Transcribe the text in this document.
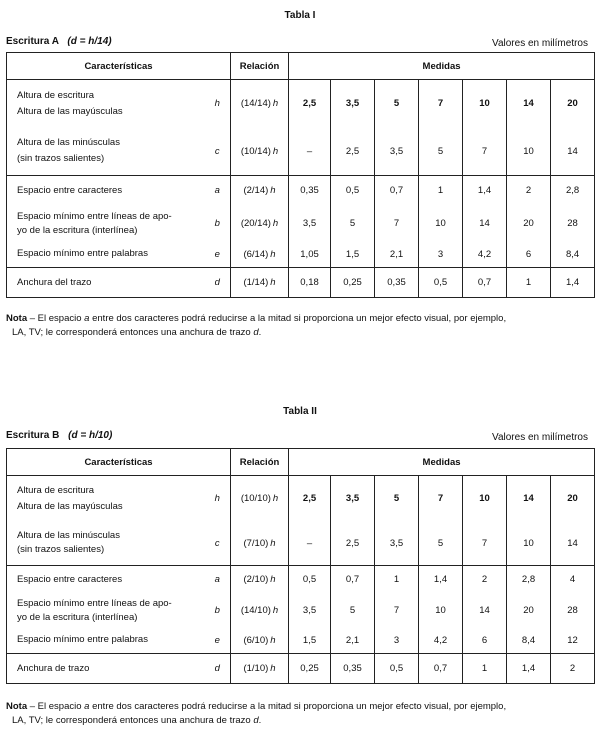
Tabla I
Escritura A (d = h/14)	Valores en milímetros
Características		Relación	Medidas						

Altura de escritura
Altura de las mayúsculas	h	(14/14) h	2,5	3,5	5	7	10	14	20

Altura de las minúsculas
(sin trazos salientes)	c	(10/14) h	–	2,5	3,5	5	7	10	14

Espacio entre caracteres	a	(2/14) h	0,35	0,5	0,7	1	1,4	2	2,8

Espacio mínimo entre líneas de apo-
yo de la escritura (interlínea)	b	(20/14) h	3,5	5	7	10	14	20	28

Espacio mínimo entre palabras	e	(6/14) h	1,05	1,5	2,1	3	4,2	6	8,4

Anchura del trazo	d	(1/14) h	0,18	0,25	0,35	0,5	0,7	1	1,4
Nota – El espacio a entre dos caracteres podrá reducirse a la mitad si proporciona un mejor efecto visual, por ejemplo,
LA, TV; le corresponderá entonces una anchura de trazo d.
Tabla II
Escritura B (d = h/10)	Valores en milímetros
Características		Relación	Medidas						

Altura de escritura
Altura de las mayúsculas	h	(10/10) h	2,5	3,5	5	7	10	14	20

Altura de las minúsculas
(sin trazos salientes)	c	(7/10) h	–	2,5	3,5	5	7	10	14

Espacio entre caracteres	a	(2/10) h	0,5	0,7	1	1,4	2	2,8	4

Espacio mínimo entre líneas de apo-
yo de la escritura (interlínea)	b	(14/10) h	3,5	5	7	10	14	20	28

Espacio mínimo entre palabras	e	(6/10) h	1,5	2,1	3	4,2	6	8,4	12

Anchura de trazo	d	(1/10) h	0,25	0,35	0,5	0,7	1	1,4	2
Nota – El espacio a entre dos caracteres podrá reducirse a la mitad si proporciona un mejor efecto visual, por ejemplo,
LA, TV; le corresponderá entonces una anchura de trazo d.
